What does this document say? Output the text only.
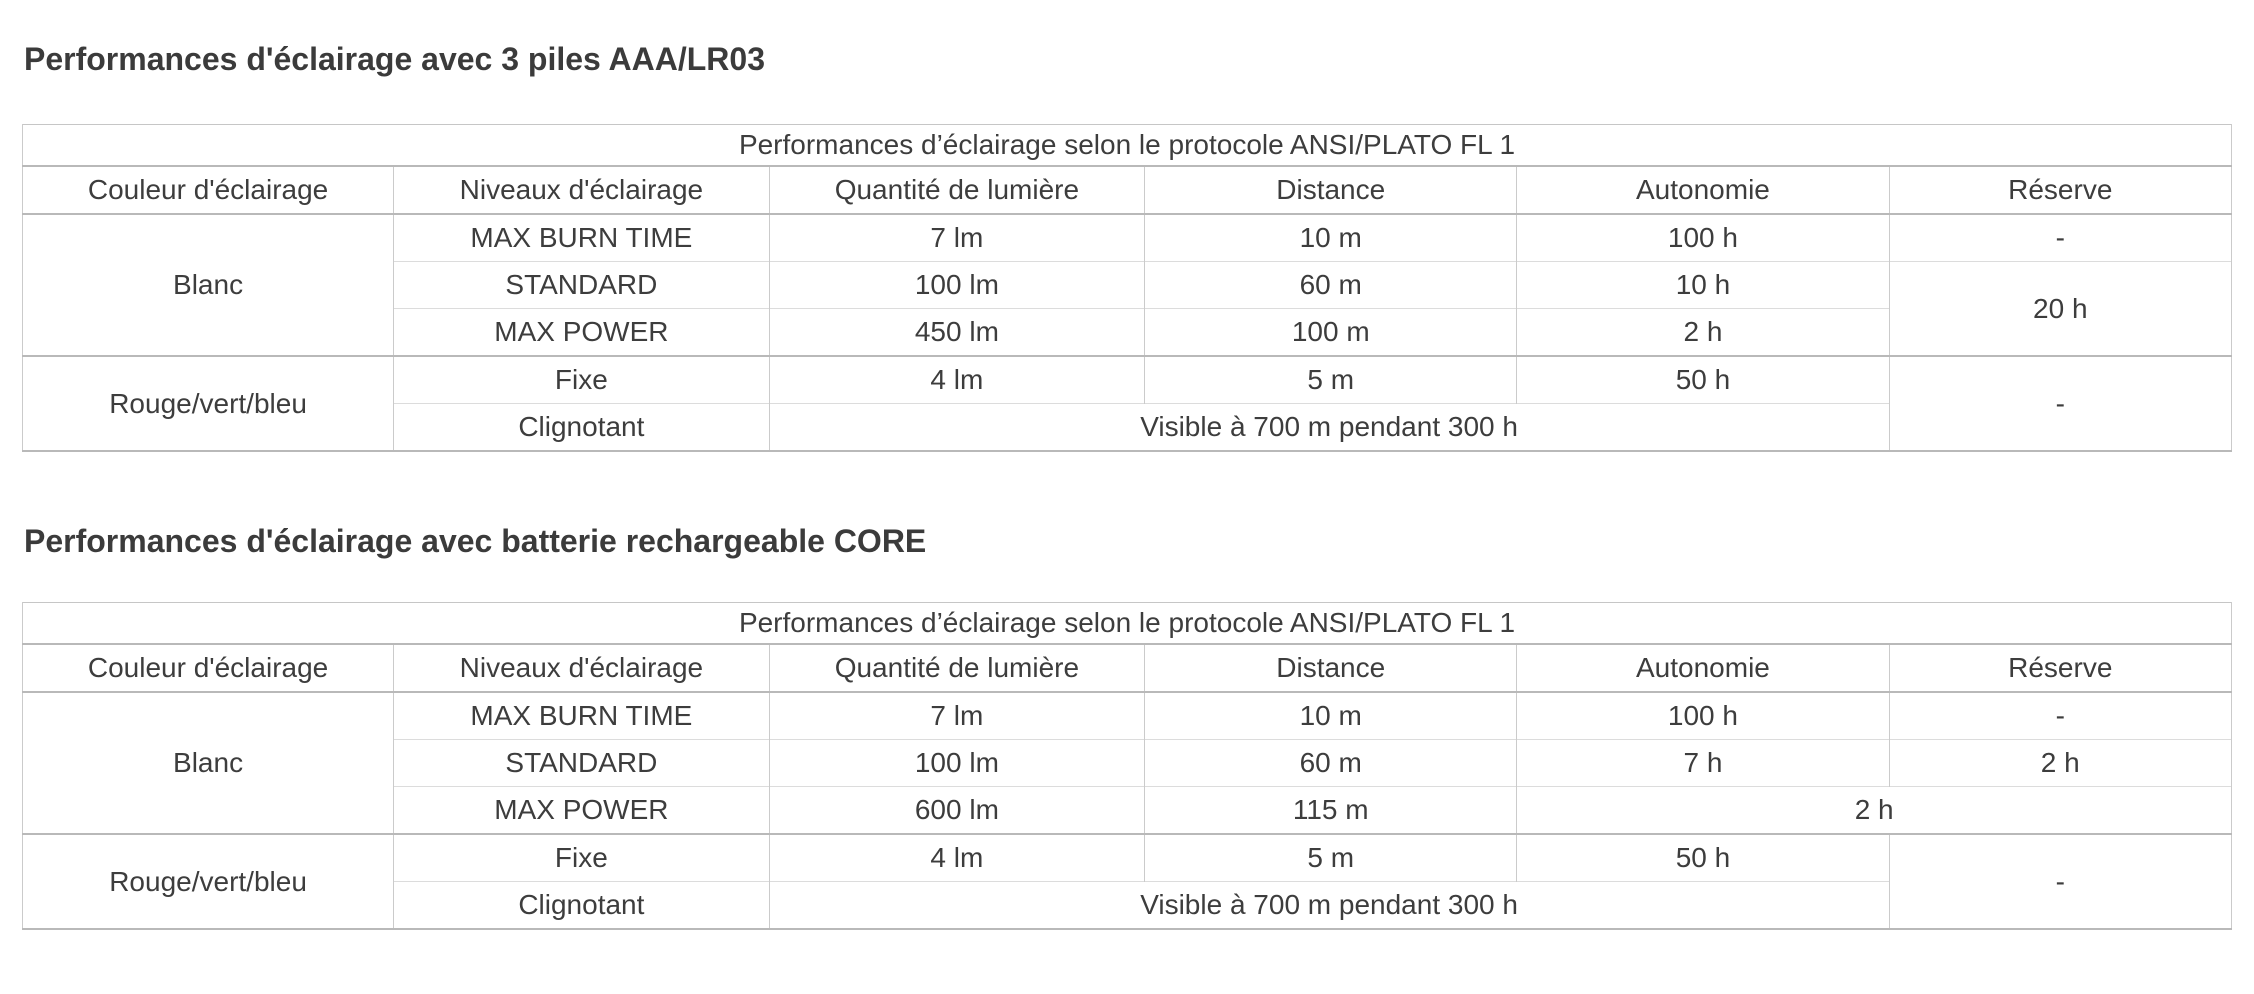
Performances d'éclairage avec 3 piles AAA/LR03
Performances d’éclairage selon le protocole ANSI/PLATO FL 1					
Couleur d'éclairage	Niveaux d'éclairage	Quantité de lumière	Distance	Autonomie	Réserve
Blanc	MAX BURN TIME	7 lm	10 m	100 h	-
	STANDARD	100 lm	60 m	10 h	20 h
	MAX POWER	450 lm	100 m	2 h	
Rouge/vert/bleu	Fixe	4 lm	5 m	50 h	-
	Clignotant	Visible à 700 m pendant 300 h			
Performances d'éclairage avec batterie rechargeable CORE
Performances d’éclairage selon le protocole ANSI/PLATO FL 1					
Couleur d'éclairage	Niveaux d'éclairage	Quantité de lumière	Distance	Autonomie	Réserve
Blanc	MAX BURN TIME	7 lm	10 m	100 h	-
	STANDARD	100 lm	60 m	7 h	2 h
	MAX POWER	600 lm	115 m	2 h	
Rouge/vert/bleu	Fixe	4 lm	5 m	50 h	-
	Clignotant	Visible à 700 m pendant 300 h			
